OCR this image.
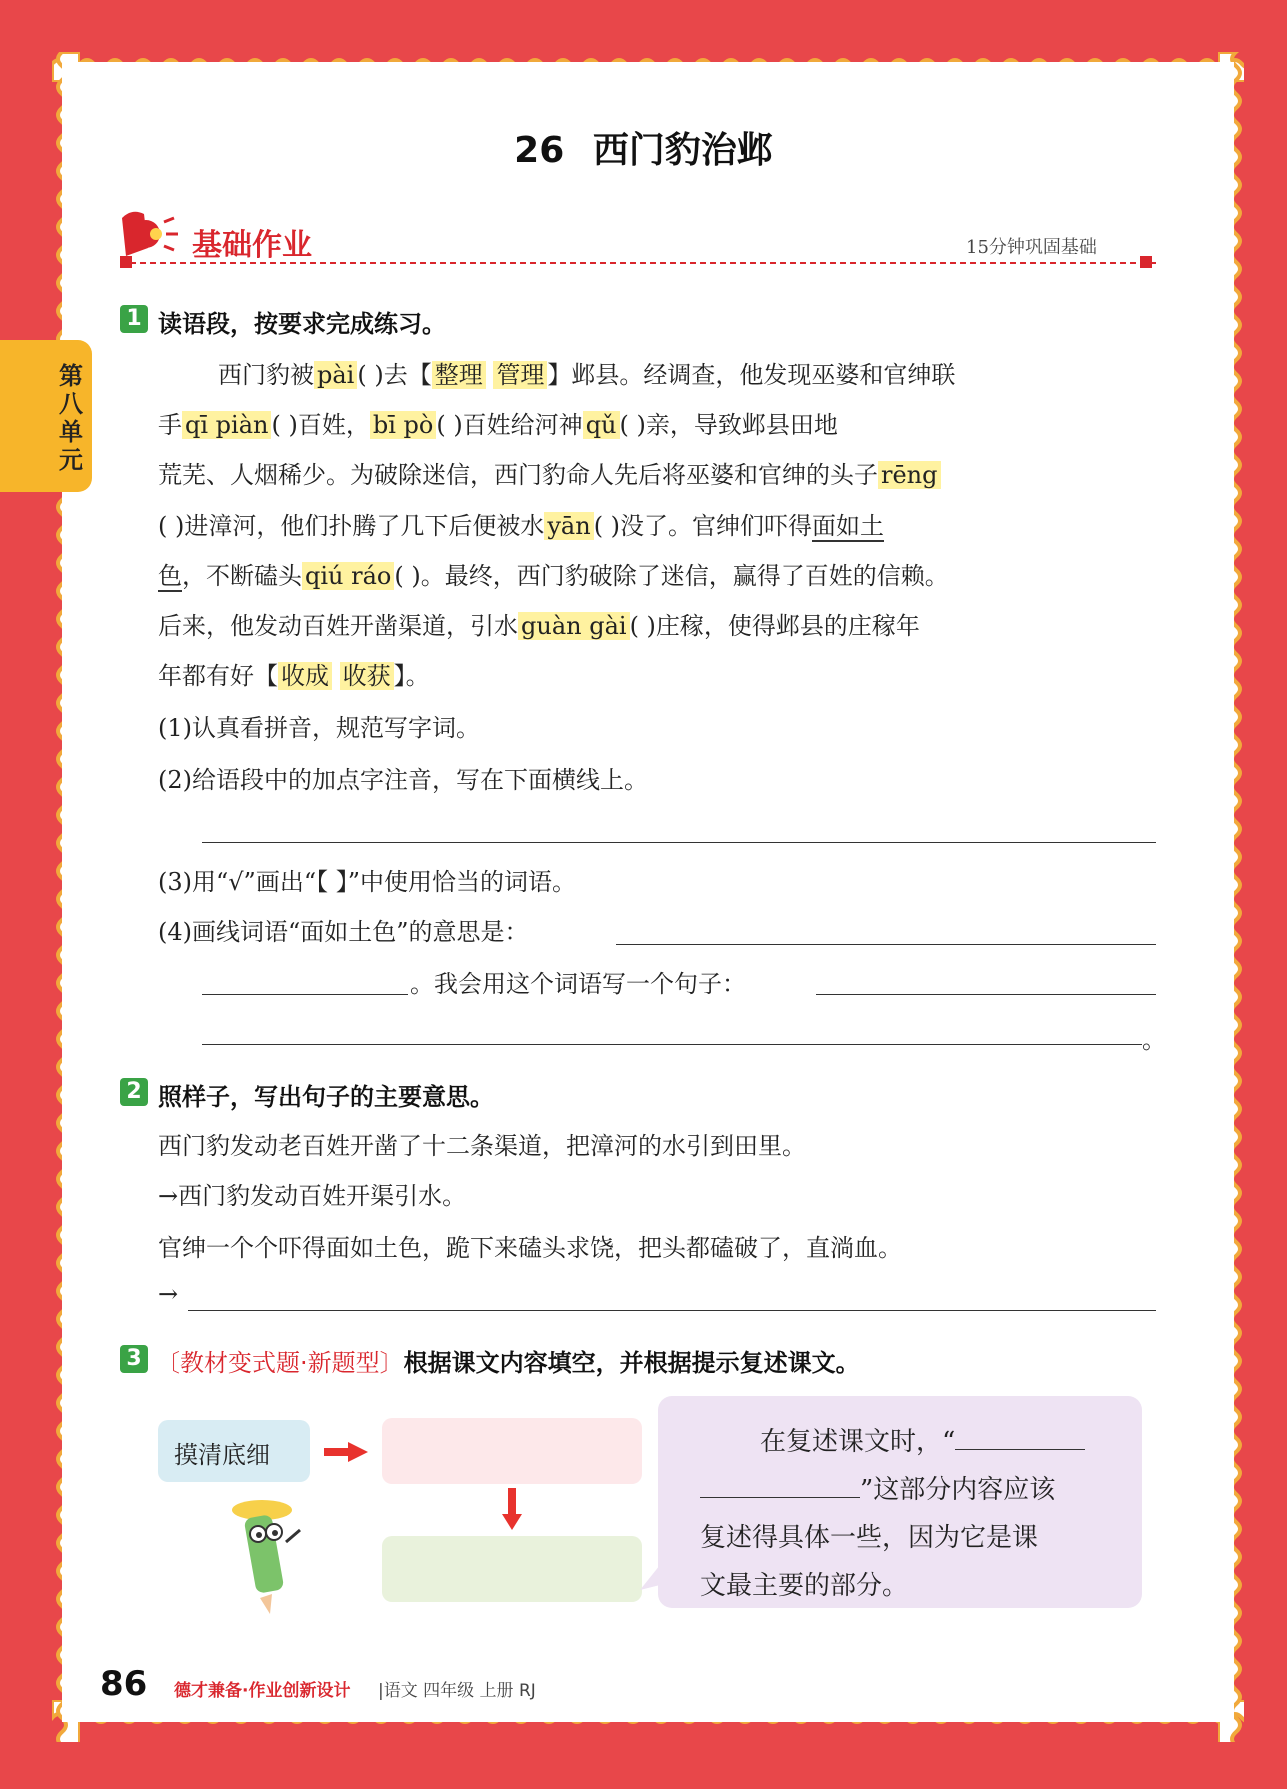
第八单元
26 西门豹治邺
基础作业	15分钟巩固基础
1 读语段，按要求完成练习。
西门豹被 pài ( )去【 整理 管理 】邺县。经调查，他发现巫婆和官绅联
手 qī piàn ( )百姓， bī pò ( )百姓给河神 qǔ ( )亲，导致邺县田地
荒芜、人烟稀少。为破除迷信，西门豹命人先后将巫婆和官绅的头子 rēng
( )进漳河，他们扑腾了几下后便被水 yān ( )没了。官绅们吓得面如土
色，不断磕头 qiú ráo ( )。最终，西门豹破除了迷信，赢得了百姓的信赖。
后来，他发动百姓开凿渠道，引水 guàn gài ( )庄稼，使得邺县的庄稼年
年都有好【 收成 收获 】。
(1)认真看拼音，规范写字词。
(2)给语段中的加点字注音，写在下面横线上。
(3)用“√”画出“【 】”中使用恰当的词语。
(4)画线词语“面如土色”的意思是：
。我会用这个词语写一个句子：
。
2 照样子，写出句子的主要意思。
西门豹发动老百姓开凿了十二条渠道，把漳河的水引到田里。
→西门豹发动百姓开渠引水。
官绅一个个吓得面如土色，跪下来磕头求饶，把头都磕破了，直淌血。
→
3 〔教材变式题·新题型〕根据课文内容填空，并根据提示复述课文。
摸清底细	在复述课文时，“
”这部分内容应该
复述得具体一些，因为它是课
文最主要的部分。
86 德才兼备·作业创新设计 |语文 四年级 上册 RJ
